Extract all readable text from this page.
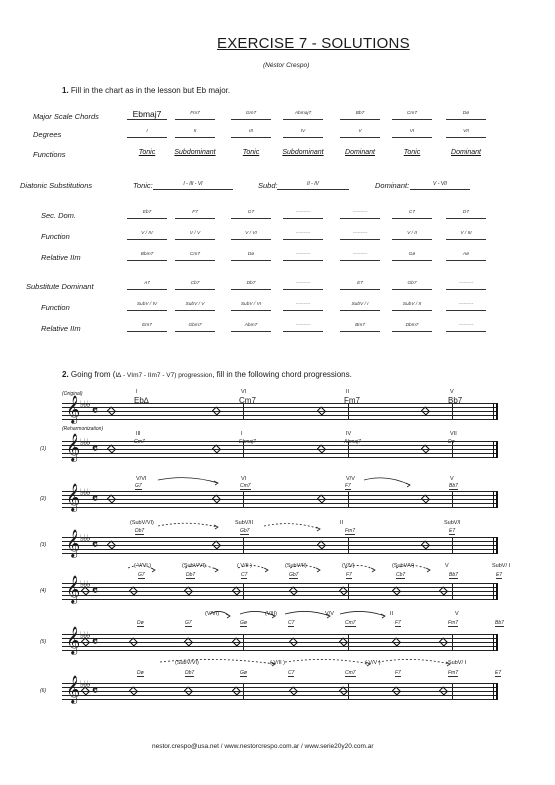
EXERCISE 7 - SOLUTIONS
(Néstor Crespo)
1. Fill in the chart as in the lesson but Eb major.
Major Scale Chords
Degrees
Functions
Diatonic Substitutions
Sec. Dom.
Function
Relative IIm
Substitute Dominant
Function
Relative IIm
Ebmaj7	Fm7	Gm7	Abmaj7	Bb7	Cm7	Dø
I	II	III	IV	V	VI	VII
Tonic	Subdominant	Tonic	Subdominant	Dominant	Tonic	Dominant
Eb7	F7	G7	---------	---------	C7	D7
V / IV	V / V	V / VI	---------	---------	V / II	V / III
Bbm7	Cm7	Dø	---------	---------	Gø	Aø
A7	Cb7	Db7	---------	E7	Gb7	---------
SubV / IV	SubV / V	SubV / VI	---------	SubV / I	SubV / II	---------
Em7	Gbm7	Abm7	---------	Bm7	Dbm7	---------
Tonic:	I - III - VI	Subd:	II - IV	Dominant:	V - VII
2. Going from (I∆ - VIm7 - IIm7 - V7) progression, fill in the following chord progressions.
𝄞 ♭♭♭ 𝄴
𝄞 ♭♭♭ 𝄴
𝄞 ♭♭♭ 𝄴
𝄞 ♭♭♭ 𝄴
𝄞 ♭♭♭ 𝄴
𝄞 ♭♭♭ 𝄴
𝄞 ♭♭♭ 𝄴
(1)
(2)
(3)
(4)
(5)
(6)
(Original)
(Reharmonization)
I
Eb∆
VI
Cm7
II
Fm7
V
Bb7
III
Gm7
I
Ebmaj7
IV
Abmaj7
VII
Dø
V/VI
G7
VI
Cm7
V/V
F7
V
Bb7
(SubV/VI)
Db7
SubV/II
Gb7
II
Fm7
SubV/I
E7
( V/VI )
G7
(SubV/VI)
Db7
( V/II )
C7
(SubV/II)
Gb7
(V/V)
F7
(SubV/V)
Cb7
V
Bb7
SubV/ I
E7
(V/VI)	(V/II)	V/V	II	V
Dø	G7	Gø	C7	Cm7	F7	Fm7	Bb7
(SubV/VI)	( V/II )	( V/V )	SubV/ I
Dø	Db7	Gø	C7	Cm7	F7	Fm7	E7
nestor.crespo@usa.net / www.nestorcrespo.com.ar / www.serie20y20.com.ar
